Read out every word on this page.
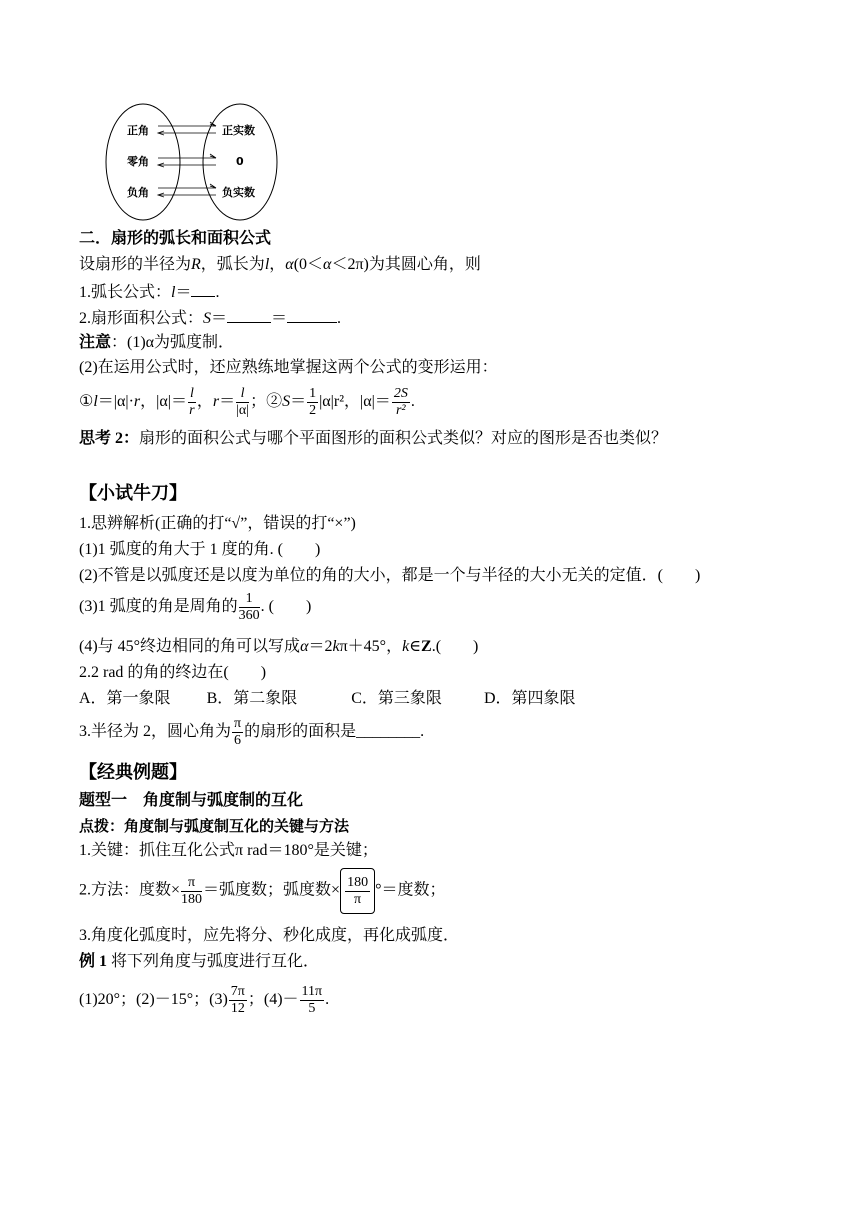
正角
零角
负角
正实数
0
负实数
二．扇形的弧长和面积公式
设扇形的半径为R，弧长为l，α(0＜α＜2π)为其圆心角，则
1.弧长公式：l＝ .
2.扇形面积公式：S＝	＝	.
注意：(1)α为弧度制．
(2)在运用公式时，还应熟练地掌握这两个公式的变形运用：
①l＝|α|·r，$|\alpha|= \frac{l}{r}$ ，$r= \frac{l}{|\alpha|}$ ；②S＝ $\frac{1}{2} |\alpha|r^2$，$|\alpha|= \frac{2S}{\text{r²}}$ .
思考 2：扇形的面积公式与哪个平面图形的面积公式类似？对应的图形是否也类似？
【小试牛刀】
1.思辨解析(正确的打“√”，错误的打“×”)
(1)1 弧度的角大于 1 度的角. (　　)
(2)不管是以弧度还是以度为单位的角的大小，都是一个与半径的大小无关的定值．(　　)
(3)1 弧度的角是周角的 $\frac{1}{360}$ . (　　)
(4)与 45°终边相同的角可以写成α＝2kπ＋45°，k∈Z.(　　)
2.2 rad 的角的终边在(　　)
A．第一象限 B．第二象限	C．第三象限	D．第四象限
3.半径为 2，圆心角为 $\frac{\pi}{6}$ 的扇形的面积是________.
【经典例题】
题型一　角度制与弧度制的互化
点拨：角度制与弧度制互化的关键与方法
1.关键：抓住互化公式π rad＝180°是关键；
2.方法：度数× $\frac{\pi}{180}$ ＝弧度数；弧度数× $\frac{180}{\pi}$ °＝度数；
3.角度化弧度时，应先将分、秒化成度，再化成弧度．
例 1 将下列角度与弧度进行互化．
(1)20°；(2)－15°；$(3) \frac{7\pi}{12}$ ；$(4)- \frac{11\pi}{5}$ .
